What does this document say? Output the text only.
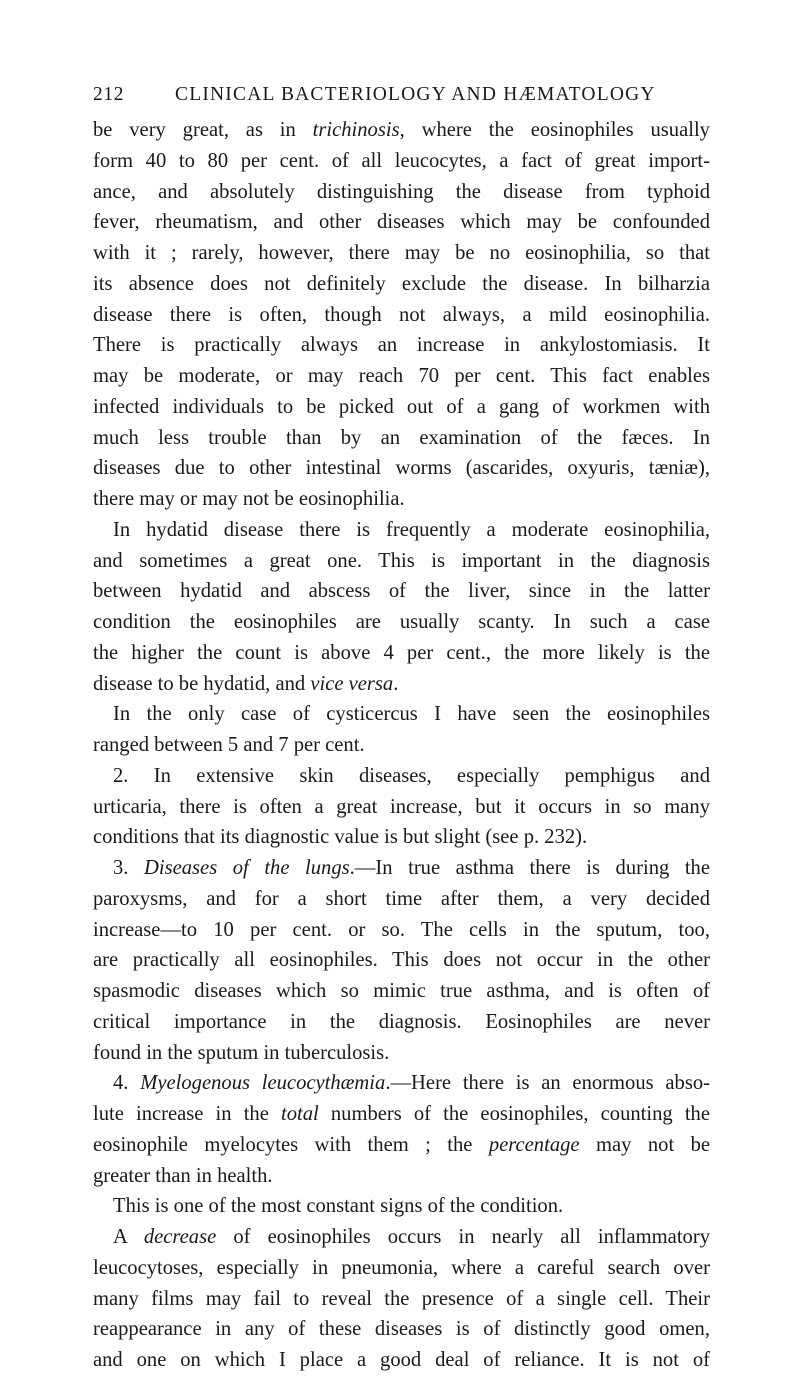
212	CLINICAL BACTERIOLOGY AND HÆMATOLOGY
be very great, as in trichinosis, where the eosinophiles usually
form 40 to 80 per cent. of all leucocytes, a fact of great import-
ance, and absolutely distinguishing the disease from typhoid
fever, rheumatism, and other diseases which may be confounded
with it ; rarely, however, there may be no eosinophilia, so that
its absence does not definitely exclude the disease. In bilharzia
disease there is often, though not always, a mild eosinophilia.
There is practically always an increase in ankylostomiasis. It
may be moderate, or may reach 70 per cent. This fact enables
infected individuals to be picked out of a gang of workmen with
much less trouble than by an examination of the fæces. In
diseases due to other intestinal worms (ascarides, oxyuris, tæniæ),
there may or may not be eosinophilia.
In hydatid disease there is frequently a moderate eosinophilia,
and sometimes a great one. This is important in the diagnosis
between hydatid and abscess of the liver, since in the latter
condition the eosinophiles are usually scanty. In such a case
the higher the count is above 4 per cent., the more likely is the
disease to be hydatid, and vice versa.
In the only case of cysticercus I have seen the eosinophiles
ranged between 5 and 7 per cent.
2. In extensive skin diseases, especially pemphigus and
urticaria, there is often a great increase, but it occurs in so many
conditions that its diagnostic value is but slight (see p. 232).
3. Diseases of the lungs.—In true asthma there is during the
paroxysms, and for a short time after them, a very decided
increase—to 10 per cent. or so. The cells in the sputum, too,
are practically all eosinophiles. This does not occur in the other
spasmodic diseases which so mimic true asthma, and is often of
critical importance in the diagnosis. Eosinophiles are never
found in the sputum in tuberculosis.
4. Myelogenous leucocythæmia.—Here there is an enormous abso-
lute increase in the total numbers of the eosinophiles, counting the
eosinophile myelocytes with them ; the percentage may not be
greater than in health.
This is one of the most constant signs of the condition.
A decrease of eosinophiles occurs in nearly all inflammatory
leucocytoses, especially in pneumonia, where a careful search over
many films may fail to reveal the presence of a single cell. Their
reappearance in any of these diseases is of distinctly good omen,
and one on which I place a good deal of reliance. It is not of
